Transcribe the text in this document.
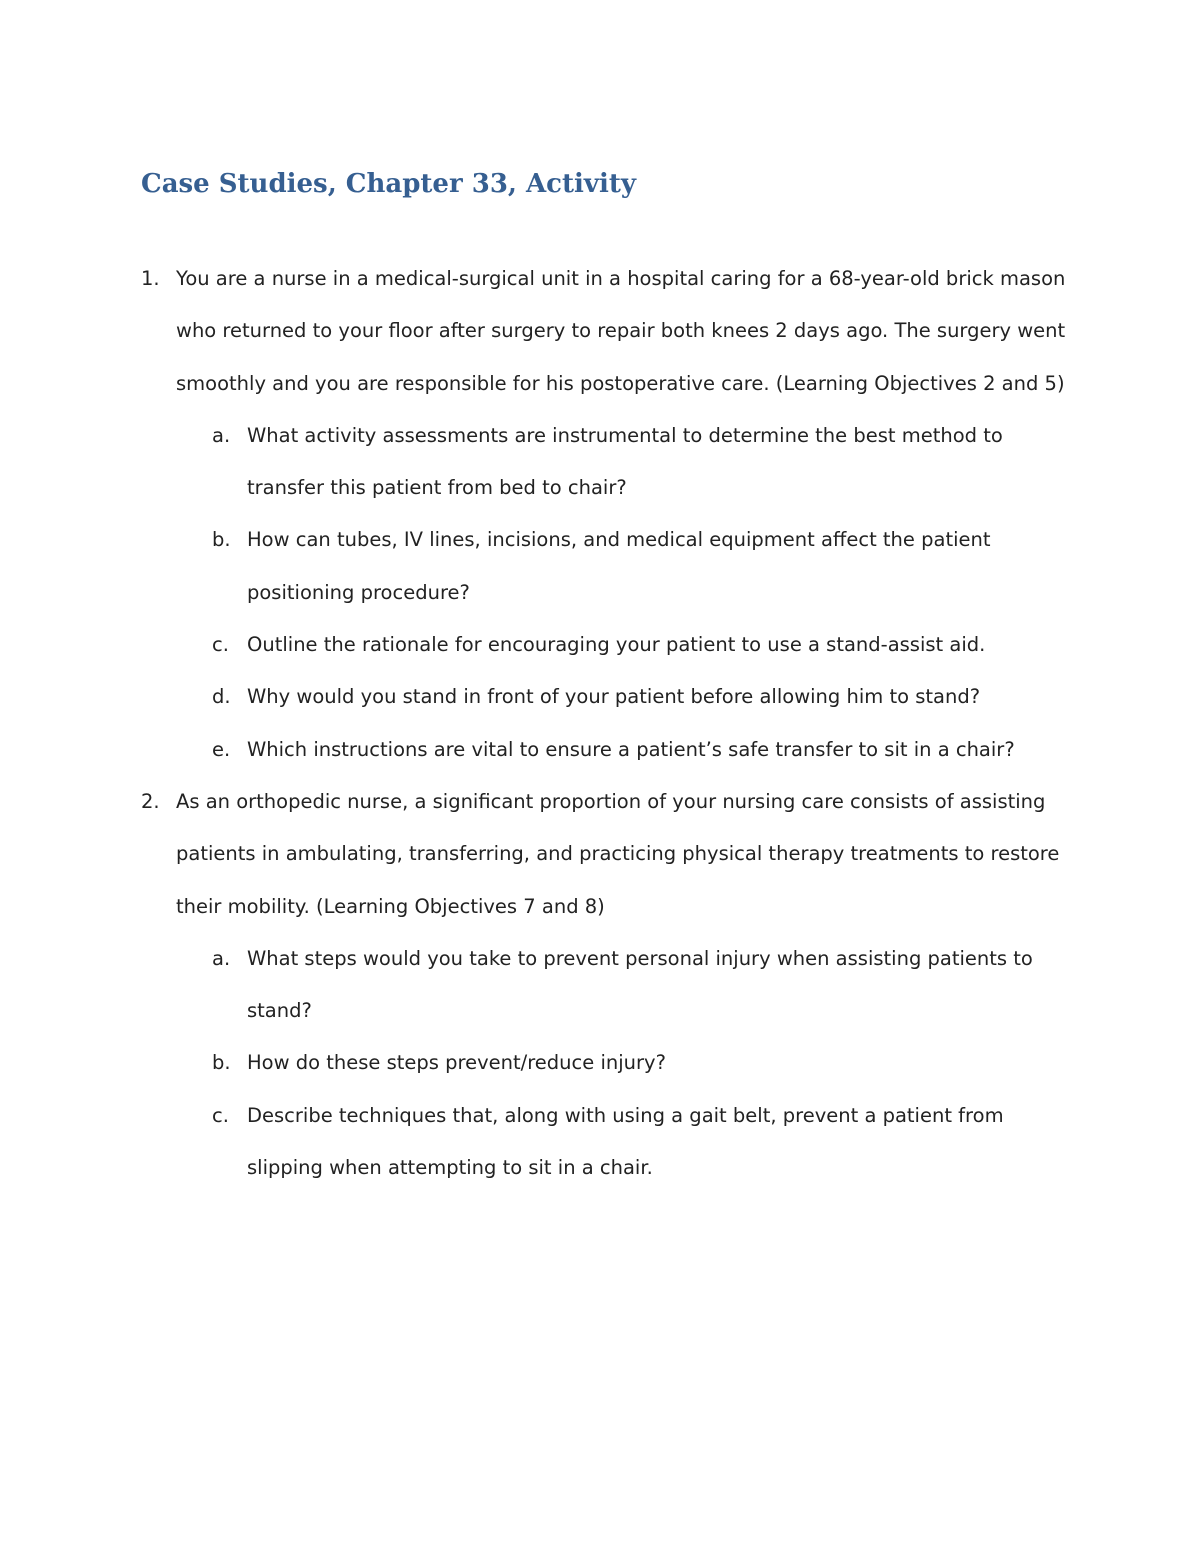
Case Studies, Chapter 33, Activity
1. You are a nurse in a medical-surgical unit in a hospital caring for a 68-year-old brick mason who returned to your floor after surgery to repair both knees 2 days ago. The surgery went smoothly and you are responsible for his postoperative care. (Learning Objectives 2 and 5)
a. What activity assessments are instrumental to determine the best method to transfer this patient from bed to chair?
b. How can tubes, IV lines, incisions, and medical equipment affect the patient positioning procedure?
c. Outline the rationale for encouraging your patient to use a stand-assist aid.
d. Why would you stand in front of your patient before allowing him to stand?
e. Which instructions are vital to ensure a patient’s safe transfer to sit in a chair?
2. As an orthopedic nurse, a significant proportion of your nursing care consists of assisting patients in ambulating, transferring, and practicing physical therapy treatments to restore their mobility. (Learning Objectives 7 and 8)
a. What steps would you take to prevent personal injury when assisting patients to stand?
b. How do these steps prevent/reduce injury?
c. Describe techniques that, along with using a gait belt, prevent a patient from slipping when attempting to sit in a chair.
